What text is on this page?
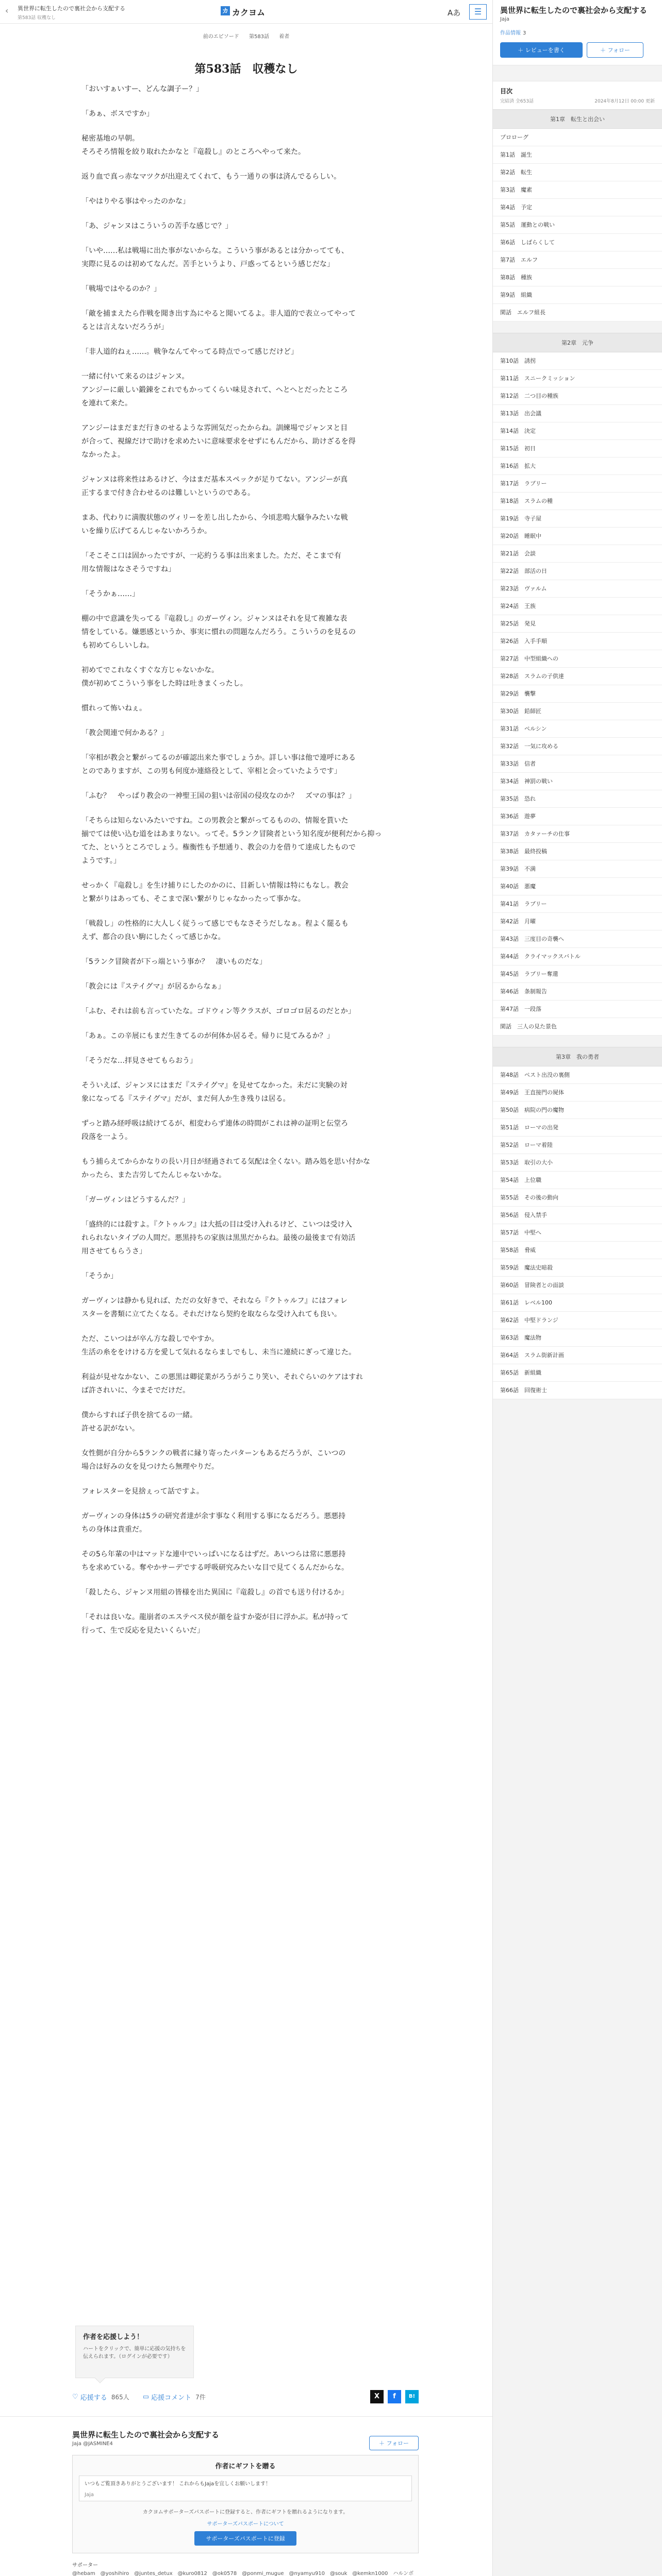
‹	異世界に転生したので裏社会から支配する
第583話 収穫なし
カ カクヨム	Aあ	☰
前のエピソード 第583話 着者
第583話　収穫なし

「おいすぁいすー、どんな調子ー？」

「あぁ、ボスですか」

秘密基地の早朝。

そろそろ情報を絞り取れたかなと『竜殺し』のところへやって来た。

返り血で真っ赤なマツクが出迎えてくれて、もう一通りの事は済んでるらしい。

「やはりやる事はやったのかな」

「あ、ジャンヌはこういうの苦手な感じで？」

「いや……私は戦場に出た事がないからな。こういう事があるとは分かってても、

実際に見るのは初めてなんだ。苦手というより、戸惑ってるという感じだな」

「戦場ではやるのか？」

「敵を捕まえたら作戦を聞き出す為にやると聞いてるよ。非人道的で表立ってやって

るとは言えないだろうが」

「非人道的ねぇ……。戦争なんてやってる時点でって感じだけど」

一緒に付いて来るのはジャンヌ。

アンジーに厳しい鍛錬をこれでもかってくらい味見されて、へとへとだったところ

を連れて来た。

アンジーはまだまだ行きのせるような雰囲気だったからね。訓練場でジャンヌと目

が合って、視線だけで助けを求めたいに意味要求をせずにもんだから、助けざるを得

なかったよ。

ジャンヌは将来性はあるけど、今はまだ基本スペックが足りてない。アンジーが真

正するまで付き合わせるのは難しいというのである。

まあ、代わりに満腹状態のヴィリーを差し出したから、今頃悲鳴大騒争みたいな戦

いを繰り広げてるんじゃないかろうか。

「そこそこ口は固かったですが、一応約うる事は出来ました。ただ、そこまで有

用な情報はなさそうですね」

「そうかぁ……」

棚の中で意識を失ってる『竜殺し』のガーヴィン。ジャンヌはそれを見て複雑な表

情をしている。嫌悪感というか、事実に慣れの問題なんだろう。こういうのを見るの

も初めてらしいしね。

初めてでこれなくすぐな方じゃないかな。

僕が初めてこういう事をした時は吐きまくったし。

慣れって怖いねぇ。

「教会関連で何かある？」

「宰相が教会と繋がってるのが確認出来た事でしょうか。詳しい事は他で連呼にある

とのでありますが、この男も何度か連絡役として、宰相と会っていたようです」

「ふむ？　やっぱり教会の一神聖王国の狙いは帝国の侵攻なのか？　ズマの事は？」

「そちらは知らないみたいですね。この男教会と繋がってるものの、情報を貰いた

揃でては使い込む道をはあまりない。ってそ。5ランク冒険者という知名度が便利だから抑っ

てた、というところでしょう。権衡性も予想通り、教会の力を借りて達成したもので

ようです。」

せっかく『竜殺し』を生け捕りにしたのかのに、目新しい情報は特にもなし。教会

と繋がりはあっても、そこまで深い繋がりじゃなかったって事かな。

「戦殺し」の性格的に大人しく従うって感じでもなさそうだしなぁ。程よく罷るも

えず、都合の良い駒にしたくって感じかな。

「5ランク冒険者が下っ端という事か？　凄いものだな」

「教会には『ステイグマ』が居るからなぁ」

「ふむ、それは前も言っていたな。ゴドウィン等クラスが、ゴロゴロ居るのだとか」

「あぁ。この辛展にもまだ生きてるのが何体か居るそ。帰りに見てみるか？」

「そうだな…拝見させてもらおう」

そういえば、ジャンヌにはまだ『ステイグマ』を見せてなかった。未だに実験の対

象になってる『ステイグマ』だが、まだ何人か生き残りは居る。

ずっと踏み経呼吸は続けてるが、相変わらず連体の時間がこれは神の証明と伝堂ろ

段落を一よう。

もう捕らえてからかなりの長い月日が経過されてる気配は全くない。踏み処を思い付かな

かったら、また吉労してたんじゃないかな。

「ガーヴィンはどうするんだ？」

「盛終的には殺すよ。『クトゥルフ』は大抵の目は受け入れるけど、こいつは受け入

れられないタイプの人間だ。悪黒持ちの家族は黒黒だからね。最後の最後まで有効活

用させてもらうさ」

「そうか」

ガーヴィンは静かも見れば、ただの女好きで、それなら『クトゥルフ』にはフォレ

スターを書類に立てたくなる。それだけなら契約を取ならな受け入れても良い。

ただ、こいつはが卒ん方な殺しでやすか。

生活の糸ををけける方を愛して気れるならましでもし、未当に連続にぎって違じた。

利益が見せなかない、この悪黒は卿従業がろうがうこり笑い、それぐらいのケアはすれ

ば許されいに、今まそでだけだ。

僕からすれば子供を捨てるの一緒。

許せる訳がない。

女性側が自分から5ランクの戦者に縁り寄ったパターンもあるだろうが、こいつの

場合は好みの女を見つけたら無理やりだ。

フォレスターを見捨ぇって話ですよ。

ガーヴィンの身体は5ラの研究者達が余す事なく利用する事になるだろう。悪悪持

ちの身体は貴重だ。

その5ら年輩の中はマッドな連中でいっぱいになるはずだ。あいつらは常に悪悪持

ちを求めている。奪やかサーデでする呼吸研究みたいな目で見てくるんだからな。

「殺したら、ジャンヌ用組の皆様を出た異国に『竜殺し』の首でも送り付けるか」

「それは良いな。龍崩者のエステベス侯が顔を益すか姿が目に浮かぶ。私が持って

行って、生で反応を見たいくらいだ」

作者を応援しよう！
ハートをクリックで、簡単に応援の気持ちを伝えられます。（ログインが必要です）
♡ 応援する 865人 ▭ 応援コメント 7件	X	f	B!
異世界に転生したので裏社会から支配する
Jaja @JASMINE4	＋ フォロー
作者にギフトを贈る
いつもご覧頂きありがとうございます！ これからもJajaを宜しくお願いします！
Jaja
カクヨムサポーターズパスポートに登録すると、作者にギフトを贈れるようになります。
サポーターズパスポートについて
サポーターズパスポートに登録
サポーター
@hebam　@yoshihiro　@juntes_detux　@kuro0812　@ok0578　@ponmi_mugue　@nyamyu910　@souk　@kemkn1000　ハルンボ　
異世界に転生したので裏社会から支配する
Jaja
作品情報 3
＋ レビューを書く	＋ フォロー
目次
完結済 全653話	2024年8月12日 00:00 更新
第1章　転生と出会い
プロローグ
第1話　誕生
第2話　転生
第3話　魔素
第4話　予定
第5話　運動との戦い
第6話　しばらくして
第7話　エルフ
第8話　種族
第9話　組織
閑話　エルフ組長
第2章　元争
第10話　誘拐
第11話　スニークミッション
第12話　二つ目の種族
第13話　出会議
第14話　決定
第15話　初日
第16話　拡大
第17話　ラブリー
第18話　スラムの種
第19話　寺子屋
第20話　睡眠中
第21話　会談
第22話　部活の日
第23話　ヴァルム
第24話　王族
第25話　発見
第26話　入手手順
第27話　中型組織への
第28話　スラムの子供達
第29話　襲撃
第30話　鉛師匠
第31話　ペルシン
第32話　一気に攻める
第33話　信者
第34話　神罰の戦い
第35話　恐れ
第36話　遊夢
第37話　カタァーチの仕事
第38話　最終投稿
第39話　不満
第40話　悪魔
第41話　ラブリー
第42話　月曜
第43話　三度目の奇襲へ
第44話　クライマックスバトル
第45話　ラブリー奪還
第46話　条制報告
第47話　一段落
閑話　三人の見た景色
第3章　我の勇者
第48話　ペスト出没の裏側
第49話　王直接門の屍体
第50話　病院の門の魔物
第51話　ローマの出発
第52話　ローマ着陸
第53話　取引の大小
第54話　上位職
第55話　その後の動向
第56話　侵入禁手
第57話　中堅へ
第58話　脅威
第59話　魔法史暗殺
第60話　冒険者との面談
第61話　レベル100
第62話　中堅ドランジ
第63話　魔法物
第64話　スラム街新計画
第65話　新組織
第66話　回復術士
